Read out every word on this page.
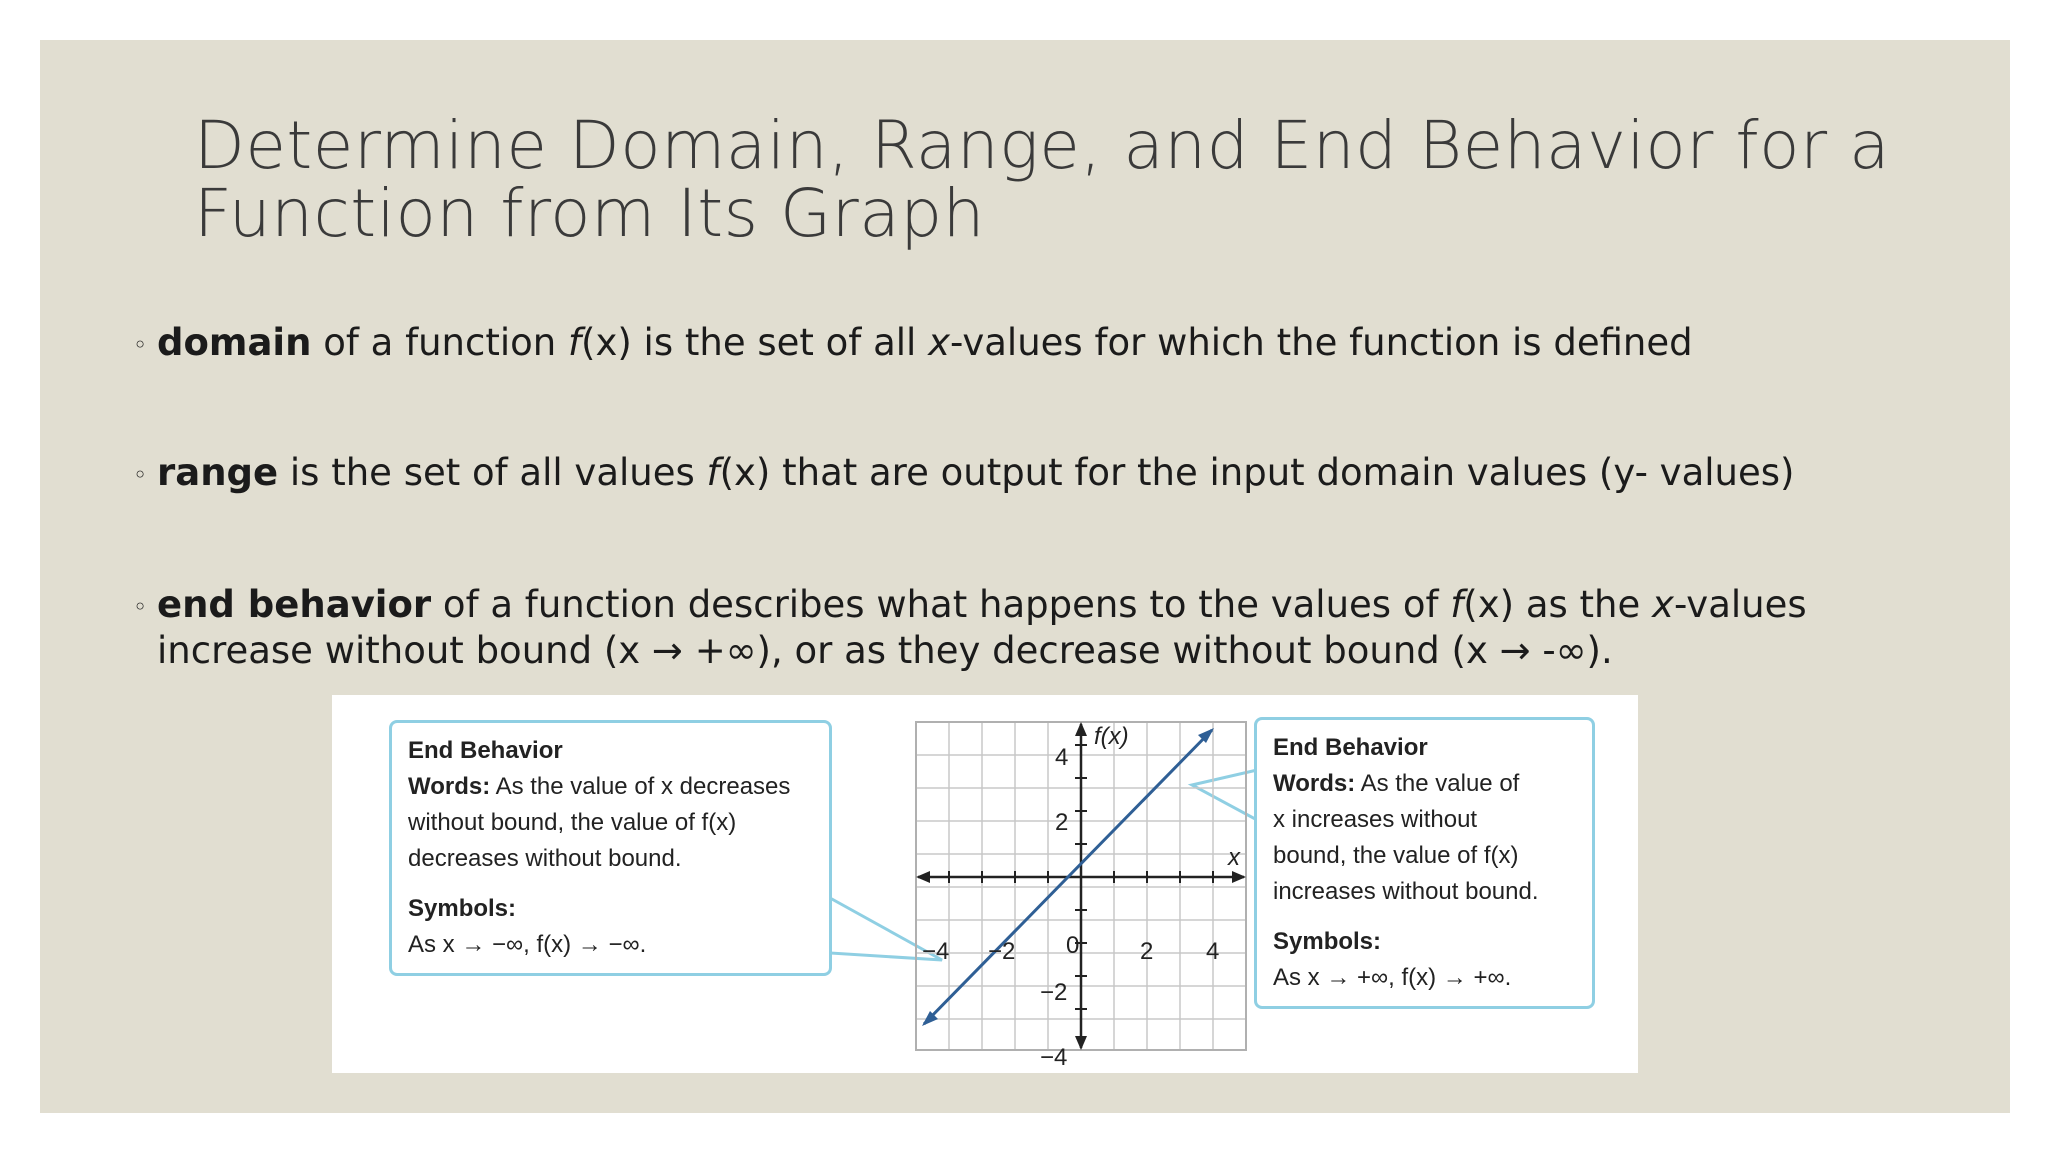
Determine Domain, Range, and End Behavior for a
Function from Its Graph
◦ domain of a function f(x) is the set of all x-values for which the function is defined
◦ range is the set of all values f(x) that are output for the input domain values (y- values)
◦ end behavior of a function describes what happens to the values of f(x) as the x-values
increase without bound (x → +∞), or as they decrease without bound (x → -∞).
f(x)
x
−4 −2 0	2 4
4
2
−2
−4
End Behavior
Words: As the value of x decreases
without bound, the value of f(x)
decreases without bound.
Symbols:
As x → −∞, f(x) → −∞.
End Behavior
Words: As the value of
x increases without
bound, the value of f(x)
increases without bound.
Symbols:
As x → +∞, f(x) → +∞.
